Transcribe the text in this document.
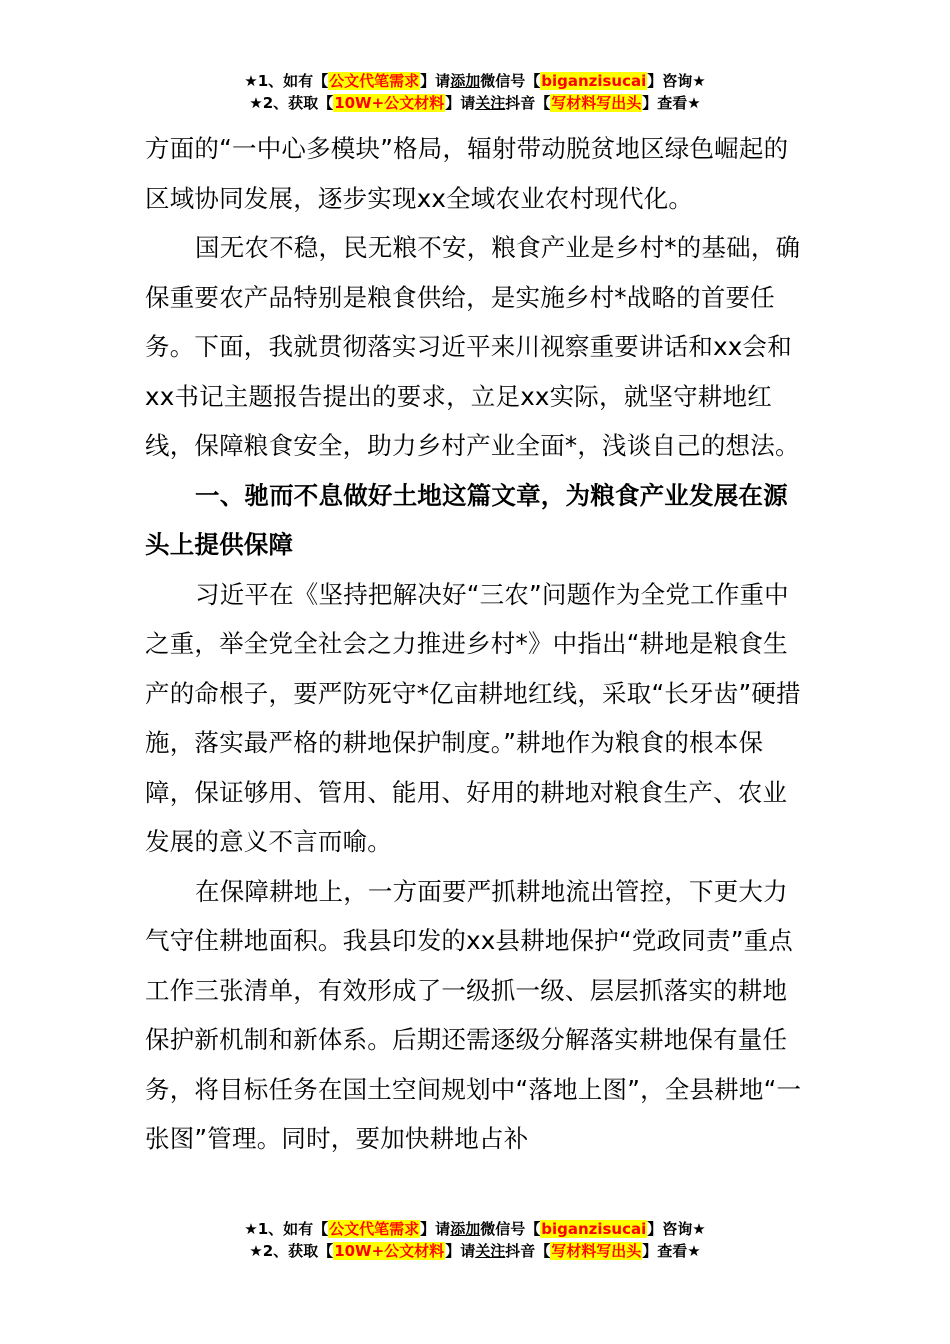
★1、如有【公文代笔需求】请添加微信号【biganzisucai】咨询★
★2、获取【10W+公文材料】请关注抖音【写材料写出头】查看★

方面的“一中心多模块”格局，辐射带动脱贫地区绿色崛起的区域协同发展，逐步实现xx全域农业农村现代化。

国无农不稳，民无粮不安，粮食产业是乡村*的基础，确保重要农产品特别是粮食供给，是实施乡村*战略的首要任务。下面，我就贯彻落实习近平来川视察重要讲话和xx会和xx书记主题报告提出的要求，立足xx实际，就坚守耕地红线，保障粮食安全，助力乡村产业全面*，浅谈自己的想法。

一、驰而不息做好土地这篇文章，为粮食产业发展在源头上提供保障

习近平在《坚持把解决好“三农”问题作为全党工作重中之重，举全党全社会之力推进乡村*》中指出“耕地是粮食生产的命根子，要严防死守*亿亩耕地红线，采取“长牙齿”硬措施，落实最严格的耕地保护制度。”耕地作为粮食的根本保障，保证够用、管用、能用、好用的耕地对粮食生产、农业发展的意义不言而喻。

在保障耕地上，一方面要严抓耕地流出管控，下更大力气守住耕地面积。我县印发的xx县耕地保护“党政同责”重点工作三张清单，有效形成了一级抓一级、层层抓落实的耕地保护新机制和新体系。后期还需逐级分解落实耕地保有量任务，将目标任务在国土空间规划中“落地上图”，全县耕地“一张图”管理。同时，要加快耕地占补

★1、如有【公文代笔需求】请添加微信号【biganzisucai】咨询★
★2、获取【10W+公文材料】请关注抖音【写材料写出头】查看★
